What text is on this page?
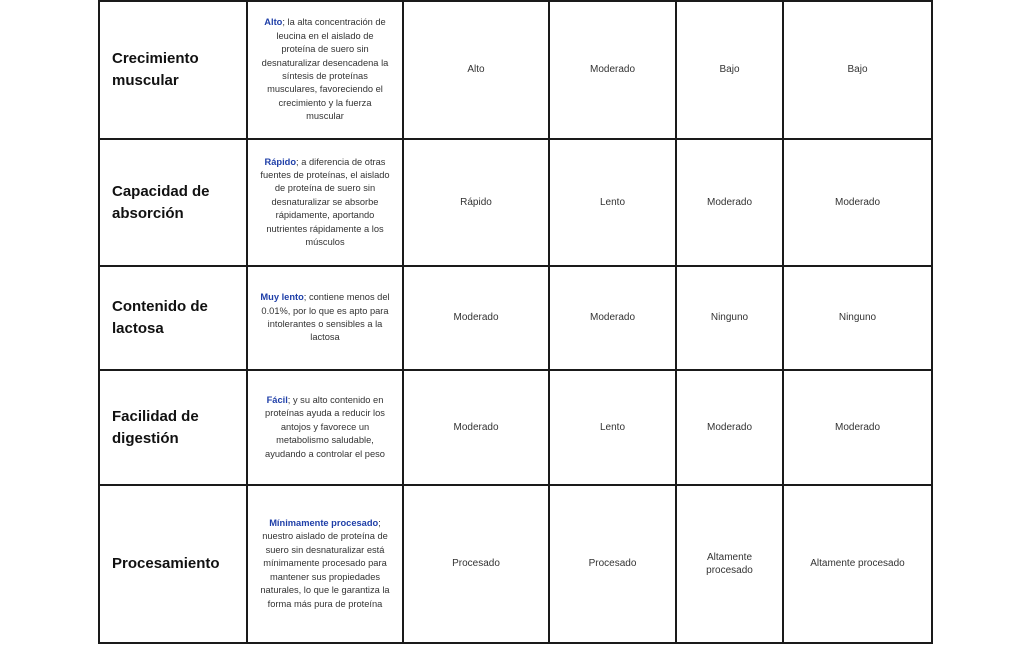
Crecimiento muscular	Alto; la alta concentración de leucina en el aislado de proteína de suero sin desnaturalizar desencadena la síntesis de proteínas musculares, favoreciendo el crecimiento y la fuerza muscular	Alto	Moderado	Bajo	Bajo
Capacidad de absorción	Rápido; a diferencia de otras fuentes de proteínas, el aislado de proteína de suero sin desnaturalizar se absorbe rápidamente, aportando nutrientes rápidamente a los músculos	Rápido	Lento	Moderado	Moderado
Contenido de lactosa	Muy lento; contiene menos del 0.01%, por lo que es apto para intolerantes o sensibles a la lactosa	Moderado	Moderado	Ninguno	Ninguno
Facilidad de digestión	Fácil; y su alto contenido en proteínas ayuda a reducir los antojos y favorece un metabolismo saludable, ayudando a controlar el peso	Moderado	Lento	Moderado	Moderado
Procesamiento	Mínimamente procesado; nuestro aislado de proteína de suero sin desnaturalizar está mínimamente procesado para mantener sus propiedades naturales, lo que le garantiza la forma más pura de proteína	Procesado	Procesado	Altamente procesado	Altamente procesado
